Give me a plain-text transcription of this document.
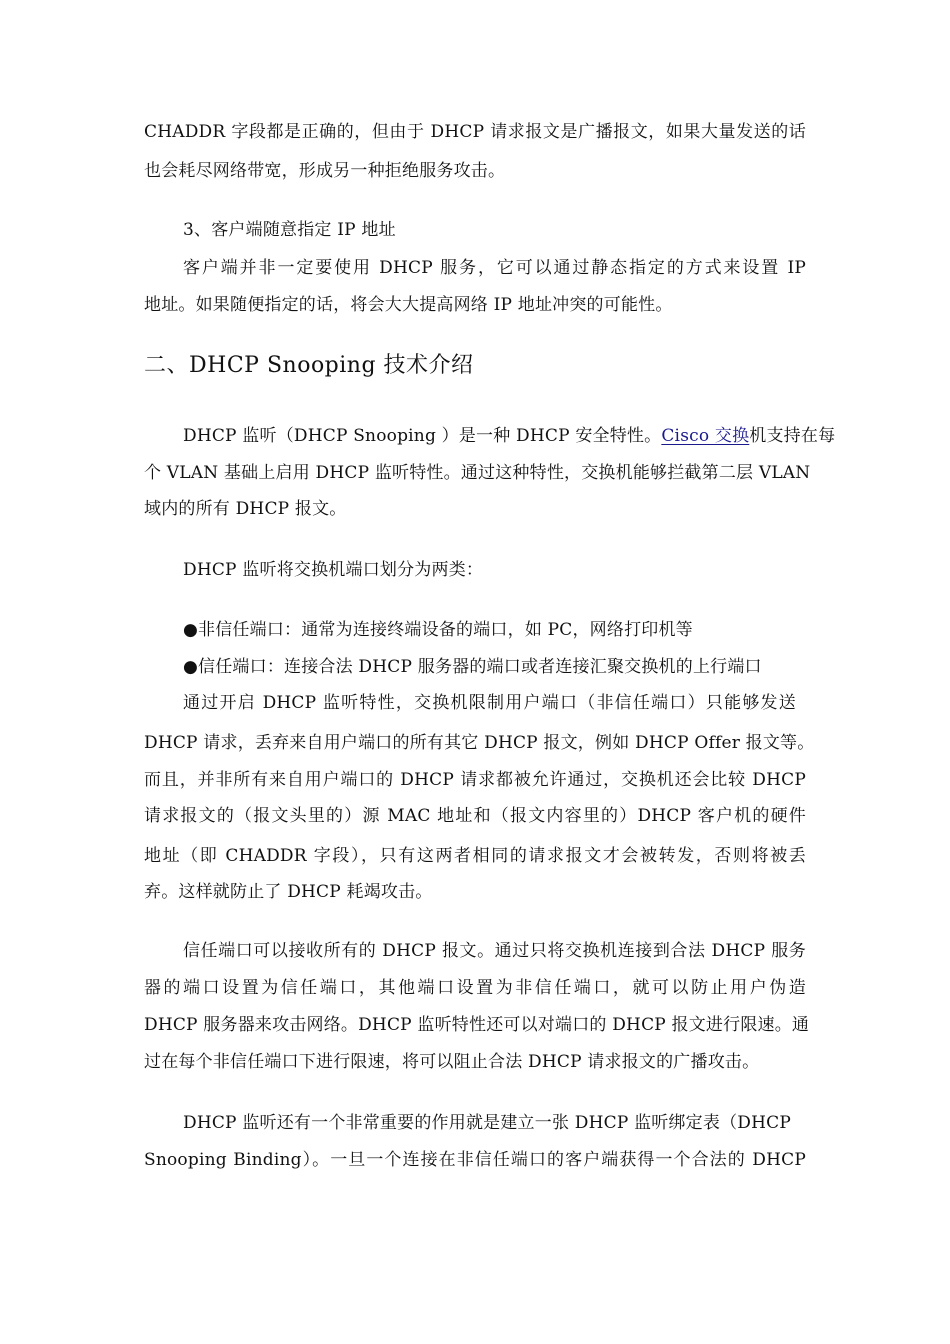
CHADDR 字段都是正确的，但由于 DHCP 请求报文是广播报文，如果大量发送的话
也会耗尽网络带宽，形成另一种拒绝服务攻击。
3、客户端随意指定 IP 地址
客户端并非一定要使用 DHCP 服务，它可以通过静态指定的方式来设置 IP
地址。如果随便指定的话，将会大大提高网络 IP 地址冲突的可能性。
二、DHCP Snooping 技术介绍
DHCP 监听（DHCP Snooping ）是一种 DHCP 安全特性。Cisco 交换机支持在每
个 VLAN 基础上启用 DHCP 监听特性。通过这种特性，交换机能够拦截第二层 VLAN
域内的所有 DHCP 报文。
DHCP 监听将交换机端口划分为两类：
●非信任端口：通常为连接终端设备的端口，如 PC，网络打印机等
●信任端口：连接合法 DHCP 服务器的端口或者连接汇聚交换机的上行端口
通过开启 DHCP 监听特性，交换机限制用户端口（非信任端口）只能够发送
DHCP 请求，丢弃来自用户端口的所有其它 DHCP 报文，例如 DHCP Offer 报文等。
而且，并非所有来自用户端口的 DHCP 请求都被允许通过，交换机还会比较 DHCP
请求报文的（报文头里的）源 MAC 地址和（报文内容里的）DHCP 客户机的硬件
地址（即 CHADDR 字段），只有这两者相同的请求报文才会被转发，否则将被丢
弃。这样就防止了 DHCP 耗竭攻击。
信任端口可以接收所有的 DHCP 报文。通过只将交换机连接到合法 DHCP 服务
器的端口设置为信任端口，其他端口设置为非信任端口，就可以防止用户伪造
DHCP 服务器来攻击网络。DHCP 监听特性还可以对端口的 DHCP 报文进行限速。通
过在每个非信任端口下进行限速，将可以阻止合法 DHCP 请求报文的广播攻击。
DHCP 监听还有一个非常重要的作用就是建立一张 DHCP 监听绑定表（DHCP
Snooping Binding）。一旦一个连接在非信任端口的客户端获得一个合法的 DHCP
